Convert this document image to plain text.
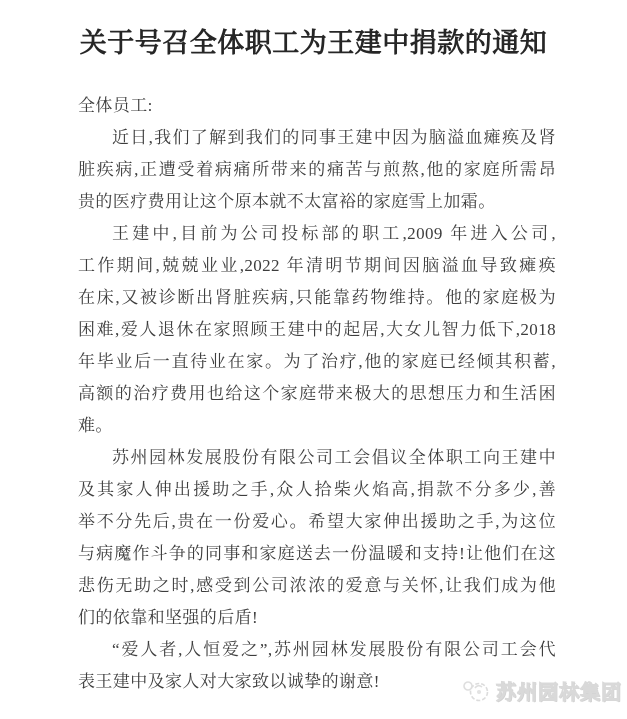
关于号召全体职工为王建中捐款的通知
全体员工:
近日,我们了解到我们的同事王建中因为脑溢血瘫痪及肾
脏疾病,正遭受着病痛所带来的痛苦与煎熬,他的家庭所需昂
贵的医疗费用让这个原本就不太富裕的家庭雪上加霜。
王建中,目前为公司投标部的职工,2009 年进入公司,
工作期间,兢兢业业,2022 年清明节期间因脑溢血导致瘫痪
在床,又被诊断出肾脏疾病,只能靠药物维持。他的家庭极为
困难,爱人退休在家照顾王建中的起居,大女儿智力低下,2018
年毕业后一直待业在家。为了治疗,他的家庭已经倾其积蓄,
高额的治疗费用也给这个家庭带来极大的思想压力和生活困
难。
苏州园林发展股份有限公司工会倡议全体职工向王建中
及其家人伸出援助之手,众人拾柴火焰高,捐款不分多少,善
举不分先后,贵在一份爱心。希望大家伸出援助之手,为这位
与病魔作斗争的同事和家庭送去一份温暖和支持!让他们在这
悲伤无助之时,感受到公司浓浓的爱意与关怀,让我们成为他
们的依靠和坚强的后盾!
“爱人者,人恒爱之”,苏州园林发展股份有限公司工会代
表王建中及家人对大家致以诚挚的谢意!
苏州园林集团
